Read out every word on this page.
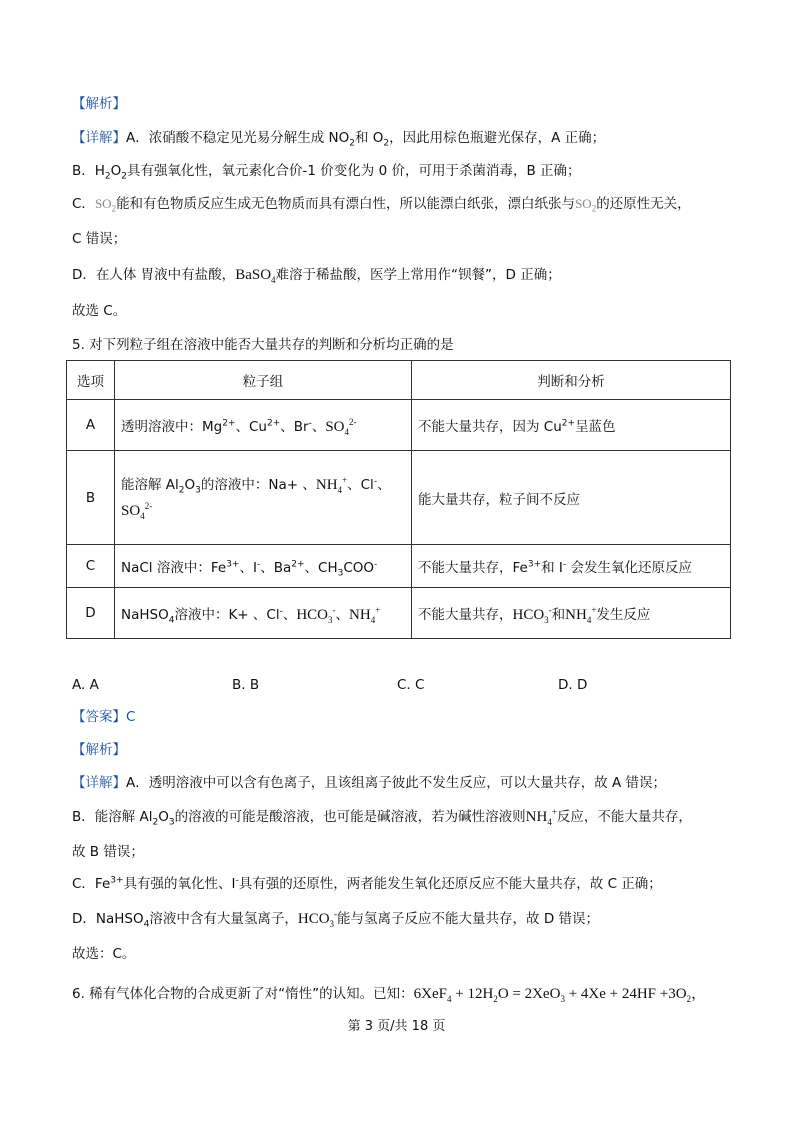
【解析】
【详解】A．浓硝酸不稳定见光易分解生成 $NO_2$和 $O_2$，因此用棕色瓶避光保存，A 正确；
B．$H_2O_2$具有强氧化性，氧元素化合价-1 价变化为 0 价，可用于杀菌消毒，B 正确；
C．$SO_2$能和有色物质反应生成无色物质而具有漂白性，所以能漂白纸张，漂白纸张与$SO_2$的还原性无关，
C 错误；
D．在人体 胃液中有盐酸，BaSO$_4$难溶于稀盐酸，医学上常用作“钡餐”，D 正确；
故选 C。
5. 对下列粒子组在溶液中能否大量共存的判断和分析均正确的是
选项	粒子组	判断和分析
A	透明溶液中：$Mg^{2+}$、$Cu^{2+}$、Br-、$SO_4^{2-}$	不能大量共存，因为 $Cu^{2+}$呈蓝色
B	能溶解 $Al_2O_3$的溶液中：Na+ 、$NH_4^+$、Cl-、
$SO_4^{2-}$	能大量共存，粒子间不反应
C	NaCl 溶液中：$Fe^{3+}$、I-、$Ba^{2+}$、$CH_3COO^-$	不能大量共存，$Fe^{3+}$和 I- 会发生氧化还原反应
D	NaHSO$_4$溶液中：K+ 、Cl-、$HCO_3^-$、$NH_4^+$	不能大量共存，$HCO_3^-$和$NH_4^+$发生反应
A. A	B. B	C. C	D. D
【答案】C
【解析】
【详解】A．透明溶液中可以含有色离子，且该组离子彼此不发生反应，可以大量共存，故 A 错误；
B．能溶解 $Al_2O_3$的溶液的可能是酸溶液，也可能是碱溶液，若为碱性溶液则$NH_4^+$反应，不能大量共存，
故 B 错误；
C．$Fe^{3+}$具有强的氧化性、I-具有强的还原性，两者能发生氧化还原反应不能大量共存，故 C 正确；
D．NaHSO$_4$溶液中含有大量氢离子，$HCO_3^-$能与氢离子反应不能大量共存，故 D 错误；
故选：C。
6. 稀有气体化合物的合成更新了对“惰性”的认知。已知：$6XeF_4 + 12H_2O = 2XeO_3 + 4Xe + 24HF +3O_2$，
第 3 页/共 18 页
